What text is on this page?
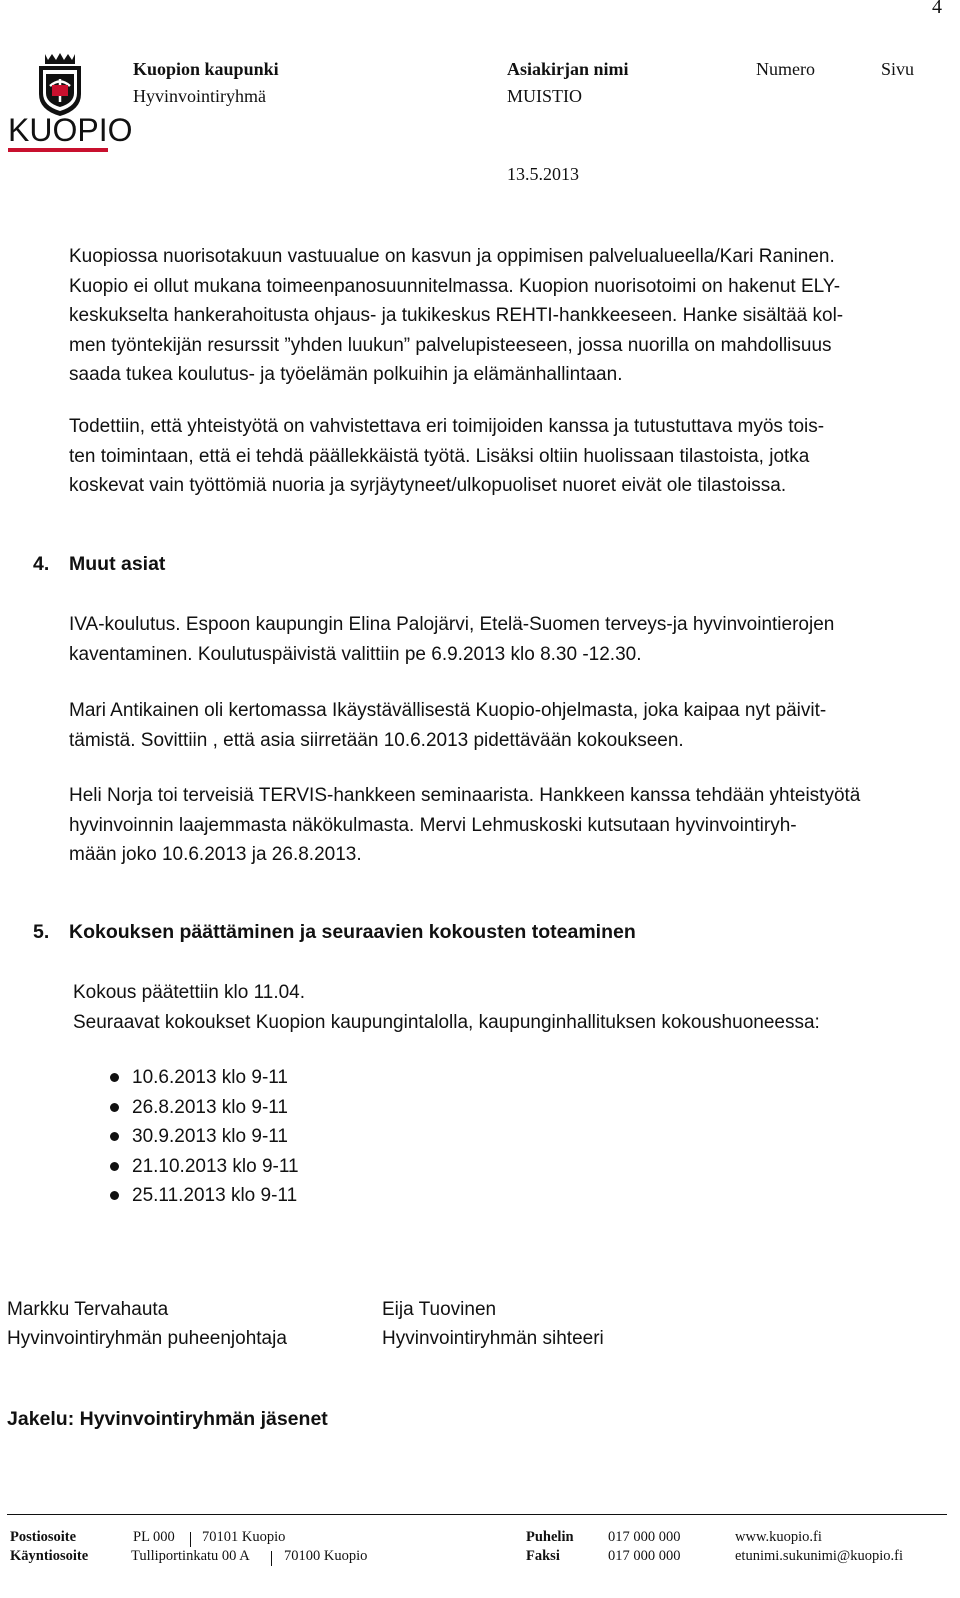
4
KUOPIO
Kuopion kaupunki
Hyvinvointiryhmä
Asiakirjan nimi
MUISTIO
Numero	Sivu
13.5.2013

Kuopiossa nuorisotakuun vastuualue on kasvun ja oppimisen palvelualueella/Kari Raninen.

Kuopio ei ollut mukana toimeenpanosuunnitelmassa. Kuopion nuorisotoimi on hakenut ELY-

keskukselta hankerahoitusta ohjaus- ja tukikeskus REHTI-hankkeeseen. Hanke sisältää kol-

men työntekijän resurssit ”yhden luukun” palvelupisteeseen, jossa nuorilla on mahdollisuus

saada tukea koulutus- ja työelämän polkuihin ja elämänhallintaan.

Todettiin, että yhteistyötä on vahvistettava eri toimijoiden kanssa ja tutustuttava myös tois-

ten toimintaan, että ei tehdä päällekkäistä työtä. Lisäksi oltiin huolissaan tilastoista, jotka

koskevat vain työttömiä nuoria ja syrjäytyneet/ulkopuoliset nuoret eivät ole tilastoissa.

4. Muut asiat

IVA-koulutus. Espoon kaupungin Elina Palojärvi, Etelä-Suomen terveys-ja hyvinvointierojen

kaventaminen. Koulutuspäivistä valittiin pe 6.9.2013 klo 8.30 -12.30.

Mari Antikainen oli kertomassa Ikäystävällisestä Kuopio-ohjelmasta, joka kaipaa nyt päivit-

tämistä. Sovittiin , että asia siirretään 10.6.2013 pidettävään kokoukseen.

Heli Norja toi terveisiä TERVIS-hankkeen seminaarista. Hankkeen kanssa tehdään yhteistyötä

hyvinvoinnin laajemmasta näkökulmasta. Mervi Lehmuskoski kutsutaan hyvinvointiryh-

mään joko 10.6.2013 ja 26.8.2013.

5. Kokouksen päättäminen ja seuraavien kokousten toteaminen

Kokous päätettiin klo 11.04.

Seuraavat kokoukset Kuopion kaupungintalolla, kaupunginhallituksen kokoushuoneessa:

10.6.2013 klo 9-11
26.8.2013 klo 9-11
30.9.2013 klo 9-11
21.10.2013 klo 9-11
25.11.2013 klo 9-11
Markku Tervahauta
Hyvinvointiryhmän puheenjohtaja
Eija Tuovinen
Hyvinvointiryhmän sihteeri
Jakelu: Hyvinvointiryhmän jäsenet
Postiosoite	PL 000 70101 Kuopio	Puhelin 017 000 000	www.kuopio.fi
Käyntiosoite	Tulliportinkatu 00 A 70100 Kuopio	Faksi	017 000 000	etunimi.sukunimi@kuopio.fi
